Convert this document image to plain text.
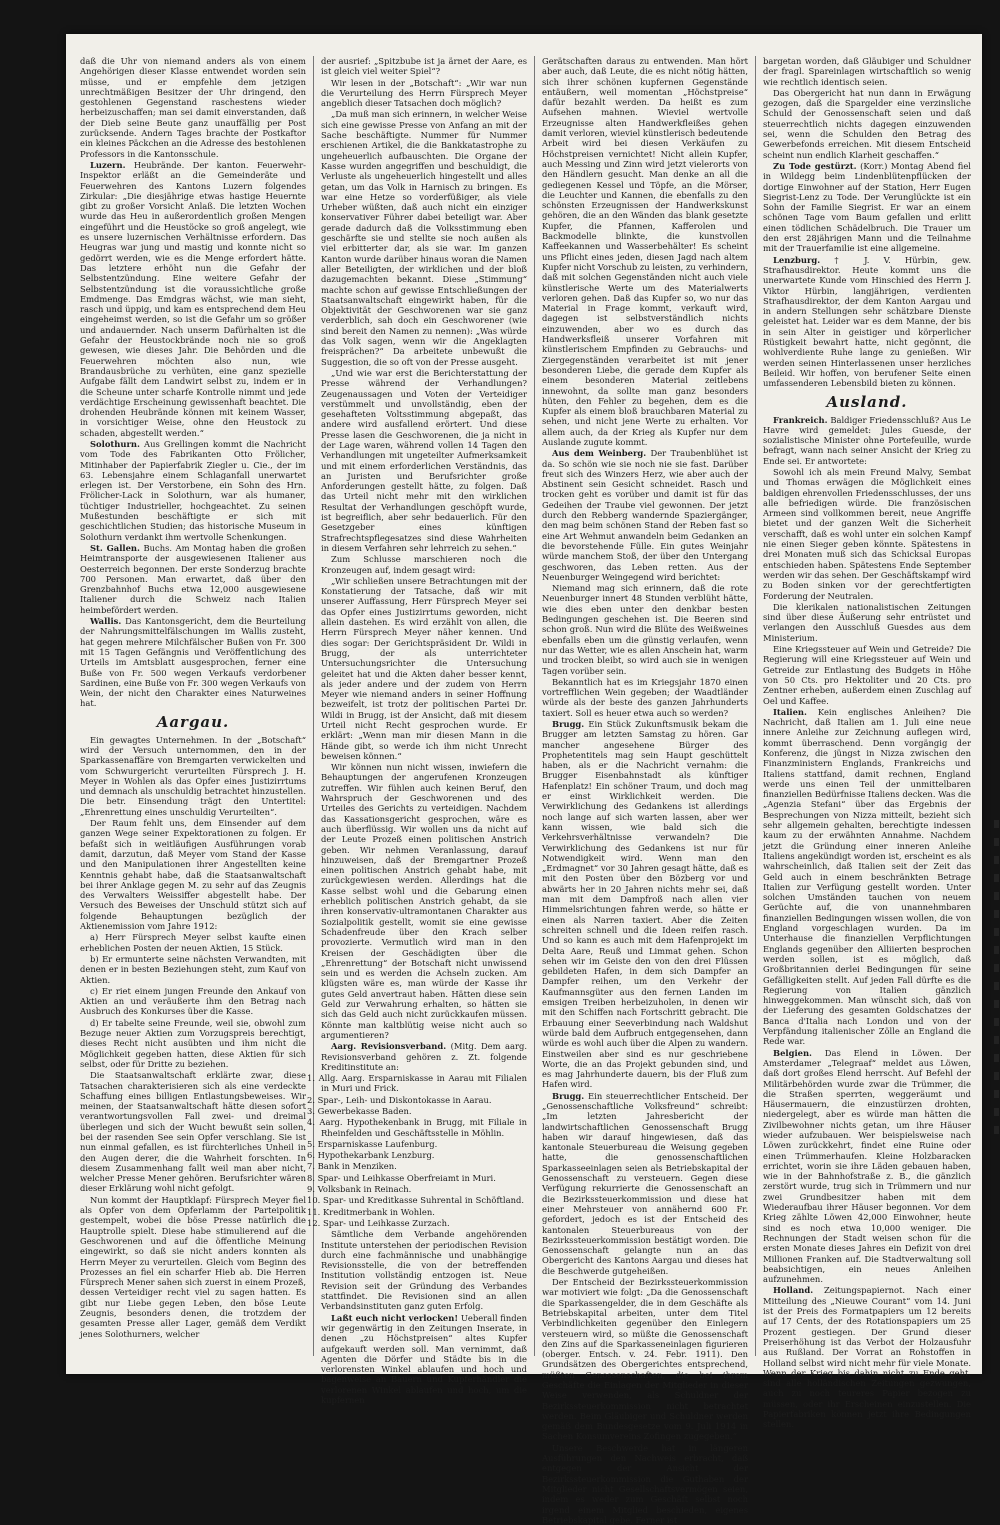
daß die Uhr von niemand anders als von einem Angehörigen dieser Klasse entwendet worden sein müsse, und er empfehle dem jetzigen unrechtmäßigen Besitzer der Uhr dringend, den gestohlenen Gegenstand raschestens wieder herbeizuschaffen; man sei damit einverstanden, daß der Dieb seine Beute ganz unauffällig per Post zurücksende. Andern Tages brachte der Postkaftor ein kleines Päckchen an die Adresse des bestohlenen Professors in die Kantonsschule.

Luzern. Heubrände. Der kanton. Feuerwehr-Inspektor erläßt an die Gemeinderäte und Feuerwehren des Kantons Luzern folgendes Zirkular: „Die diesjährige etwas hastige Heuernte gibt zu großer Vorsicht Anlaß. Die letzten Wochen wurde das Heu in außerordentlich großen Mengen eingeführt und die Heustöcke so groß angelegt, wie es unsere luzernischen Verhältnisse erfordern. Das Heugras war jung und mastig und konnte nicht so gedörrt werden, wie es die Menge erfordert hätte. Das letztere erhöht nun die Gefahr der Selbstentzündung. Eine weitere Gefahr der Selbstentzündung ist die voraussichtliche große Emdmenge. Das Emdgras wächst, wie man sieht, rasch und üppig, und kam es entsprechend dem Heu eingeheimst werden, so ist die Gefahr um so größer und andauernder. Nach unserm Dafürhalten ist die Gefahr der Heustockbrände noch nie so groß gewesen, wie dieses Jahr. Die Behörden und die Feuerwehren möchten also nun, wie Brandausbrüche zu verhüten, eine ganz spezielle Aufgabe fällt dem Landwirt selbst zu, indem er in die Scheune unter scharfe Kontrolle nimmt und jede verdächtige Erscheinung gewissenhaft beachtet. Die drohenden Heubrände können mit keinem Wasser, in vorsichtiger Weise, ohne den Heustock zu schaden, abgestellt werden.“

Solothurn. Aus Grellingen kommt die Nachricht vom Tode des Fabrikanten Otto Frölicher, Mitinhaber der Papierfabrik Ziegler u. Cie., der im 63. Lebensjahre einem Schlaganfall unerwartet erlegen ist. Der Verstorbene, ein Sohn des Hrn. Frölicher-Lack in Solothurn, war als humaner, tüchtiger Industrieller, hochgeachtet. Zu seinen Mußestunden beschäftigte er sich mit geschichtlichen Studien; das historische Museum in Solothurn verdankt ihm wertvolle Schenkungen.

St. Gallen. Buchs. Am Montag haben die großen Heimtransporte der ausgewiesenen Italiener aus Oesterreich begonnen. Der erste Sonderzug brachte 700 Personen. Man erwartet, daß über den Grenzbahnhof Buchs etwa 12,000 ausgewiesene Italiener durch die Schweiz nach Italien heimbefördert werden.

Wallis. Das Kantonsgericht, dem die Beurteilung der Nahrungsmittelfälschungen im Wallis zusteht, hat gegen mehrere Milchfälscher Bußen von Fr. 300 mit 15 Tagen Gefängnis und Veröffentlichung des Urteils im Amtsblatt ausgesprochen, ferner eine Buße von Fr. 500 wegen Verkaufs verdorbener Sardinen, eine Buße von Fr. 300 wegen Verkaufs von Wein, der nicht den Charakter eines Naturweines hat.

Aargau.

Ein gewagtes Unternehmen. In der „Botschaft“ wird der Versuch unternommen, den in der Sparkassenaffäre von Bremgarten verwickelten und vom Schwurgericht verurteilten Fürsprech J. H. Meyer in Wohlen als das Opfer eines Justizirrtums und demnach als unschuldig betrachtet hinzustellen. Die betr. Einsendung trägt den Untertitel: „Ehrenrettung eines unschuldig Verurteilten“.

Der Raum fehlt uns, dem Einsender auf dem ganzen Wege seiner Expektorationen zu folgen. Er befaßt sich in weitläufigen Ausführungen vorab damit, darzutun, daß Meyer vom Stand der Kasse und den Manipulationen ihrer Angestellten keine Kenntnis gehabt habe, daß die Staatsanwaltschaft bei ihrer Anklage gegen M. zu sehr auf das Zeugnis des Verwalters Weissiffer abgestellt habe. Der Versuch des Beweises der Unschuld stützt sich auf folgende Behauptungen bezüglich der Aktienemission vom Jahre 1912:

a) Herr Fürsprech Meyer selbst kaufte einen erheblichen Posten der neuen Aktien, 15 Stück.

b) Er ermunterte seine nächsten Verwandten, mit denen er in besten Beziehungen steht, zum Kauf von Aktien.

c) Er riet einem jungen Freunde den Ankauf von Aktien an und veräußerte ihm den Betrag nach Ausbruch des Konkurses über die Kasse.

d) Er tabelte seine Freunde, weil sie, obwohl zum Bezuge neuer Aktien zum Vorzugspreis berechtigt, dieses Recht nicht ausübten und ihm nicht die Möglichkeit gegeben hatten, diese Aktien für sich selbst, oder für Dritte zu beziehen.

Die Staatsanwaltschaft erklärte zwar, diese Tatsachen charakterisieren sich als eine verdeckte Schaffung eines billigen Entlastungsbeweises. Wir meinen, der Staatsanwaltschaft hätte diesen sofort verantwortungsvollen Fall zwei- und dreimal überlegen und sich der Wucht bewußt sein sollen, bei der rasenden See sein Opfer verschlang. Sie ist nun einmal gefallen, es ist fürchterliches Unheil in den Augen derer, die die Wahrheit forschten. In diesem Zusammenhang fallt weil man aber nicht, welcher Presse Mener gehören. Berufsrichter wären dieser Erklärung wohl nicht gefolgt.

Nun kommt der Hauptklapf: Fürsprech Meyer fiel als Opfer von dem Opferlamm der Parteipolitik gestempelt, wobei die böse Presse natürlich die Hauptrolle spielt. Diese habe stimulierend auf die Geschworenen und auf die öffentliche Meinung eingewirkt, so daß sie nicht anders konnten als Herrn Meyer zu verurteilen. Gleich vom Beginn des Prozesses an fiel ein scharfer Hieb ab. Die Herren Fürsprech Mener sahen sich zuerst in einem Prozeß, dessen Verteidiger recht viel zu sagen hatten. Es gibt nur Liebe gegen Leben, den böse Leute Zeugnis, besonders denen, die trotzdem der gesamten Presse aller Lager, gemäß dem Verdikt jenes Solothurners, welcher

der ausrief: „Spitzbube ist ja ärnet der Aare, es ist gleich viel weiter Spiel“?

Wir lesen in der „Botschaft“: „Wir war nun die Verurteilung des Herrn Fürsprech Meyer angeblich dieser Tatsachen doch möglich?

„Da muß man sich erinnern, in welcher Weise sich eine gewisse Presse von Anfang an mit der Sache beschäftigte. Nummer für Nummer erschienen Artikel, die die Bankkatastrophe zu ungeheuerlich aufbauschten. Die Organe der Kasse wurden angegriffen und beschuldigt, die Verluste als ungeheuerlich hingestellt und alles getan, um das Volk in Harnisch zu bringen. Es war eine Hetze so vorderfüßiger, als viele Urheber wüßten, daß auch nicht ein einziger konservativer Führer dabei beteiligt war. Aber gerade dadurch daß die Volksstimmung eben geschärfte sie und stellte sie noch außen als viel erbitterter dar, als sie war. Im ganzen Kanton wurde darüber hinaus woran die Namen aller Beteiligten, der wirklichen und der bloß dazugemachten bekannt. Diese „Stimmung“ machte schon auf gewisse Entschließungen der Staatsanwaltschaft eingewirkt haben, für die Objektivität der Geschworenen war sie ganz verderblich, sah doch ein Geschworener (wie sind bereit den Namen zu nennen): „Was würde das Volk sagen, wenn wir die Angeklagten freisprächen?“ Da arbeitete unbewußt die Suggestion, die so oft von der Presse ausgeht.

„Und wie war erst die Berichterstattung der Presse während der Verhandlungen? Zeugenaussagen und Voten der Verteidiger verstümmelt und unvollständig, eben der gesehafteten Voltsstimmung abgepaßt, das andere wird ausfallend erörtert. Und diese Presse lasen die Geschworenen, die ja nicht in der Lage waren, während vollen 14 Tagen den Verhandlungen mit ungeteilter Aufmerksamkeit und mit einem erforderlichen Verständnis, das an Juristen und Berufsrichter große Anforderungen gestellt hätte, zu folgen. Daß das Urteil nicht mehr mit den wirklichen Resultat der Verhandlungen geschöpft wurde, ist begreiflich, aber sehr bedauerlich. Für den Gesetzgeber eines künftigen Strafrechtspflegesatzes sind diese Wahrheiten in diesem Verfahren sehr lehrreich zu sehen.“

Zum Schlusse marschieren noch die Kronzeugen auf, indem gesagt wird:

„Wir schließen unsere Betrachtungen mit der Konstatierung der Tatsache, daß wir mit unserer Auffassung, Herr Fürsprech Meyer sei das Opfer eines Justizirrtums geworden, nicht allein dastehen. Es wird erzählt von allen, die Herrn Fürsprech Meyer näher kennen. Und dies sogar: Der Gerichtspräsident Dr. Wildi in Brugg, der als unterrichteter Untersuchungsrichter die Untersuchung geleitet hat und die Akten daher besser kennt, als jeder andere und der zudem von Herrn Meyer wie niemand anders in seiner Hoffnung bezweifelt, ist trotz der politischen Partei Dr. Wildi in Brugg, ist der Ansicht, daß mit diesem Urteil nicht Recht gesprochen wurde. Er erklärt: „Wenn man mir diesen Mann in die Hände gibt, so werde ich ihm nicht Unrecht beweisen können.“

Wir können nun nicht wissen, inwiefern die Behauptungen der angerufenen Kronzeugen zutreffen. Wir fühlen auch keinen Beruf, den Wahrspruch der Geschworenen und des Urteiles des Gerichts zu verteidigen. Nachdem das Kassationsgericht gesprochen, wäre es auch überflüssig. Wir wollen uns da nicht auf der Leute Prozeß einen politischen Anstrich geben. Wir nehmen Veranlassung, darauf hinzuweisen, daß der Bremgartner Prozeß einen politischen Anstrich gehabt habe, mit zurückgewiesen werden. Allerdings hat die Kasse selbst wohl und die Gebarung einen erheblich politischen Anstrich gehabt, da sie ihren konservativ-ultramontanen Charakter aus Sozialpolitik gestellt, womit sie eine gewisse Schadenfreude über den Krach selber provozierte. Vermutlich wird man in den Kreisen der Geschädigten über die „Ehrenrettung“ der Botschaft nicht unwissend sein und es werden die Achseln zucken. Am klügsten wäre es, man würde der Kasse ihr gutes Geld anvertraut haben. Hätten diese sein Geld zur Verwahrung erhalten, so hätten sie sich das Geld auch nicht zurückkaufen müssen. Könnte man kaltblütig weise nicht auch so argumentieren?

Aarg. Revisionsverband. (Mitg. Dem aarg. Revisionsverband gehören z. Zt. folgende Kreditinstitute an:

1. Allg. Aarg. Ersparniskasse in Aarau mit Filialen in Muri und Frick.

2. Spar-, Leih- und Diskontokasse in Aarau.

3. Gewerbekasse Baden.

4. Aarg. Hypothekenbank in Brugg, mit Filiale in Rheinfelden und Geschäftsstelle in Möhlin.

5. Ersparniskasse Laufenburg.

6. Hypothekarbank Lenzburg.

7. Bank in Menziken.

8. Spar- und Leihkasse Oberfreiamt in Muri.

9. Volksbank in Reinach.

10. Spar- und Kreditkasse Suhrental in Schöftland.

11. Kreditmerbank in Wohlen.

12. Spar- und Leihkasse Zurzach.

Sämtliche dem Verbande angehörenden Institute unterstehen der periodischen Revision durch eine fachmännische und unabhängige Revisionsstelle, die von der betreffenden Institution vollständig entzogen ist. Neue Revision seit der Gründung des Verbandes stattfindet. Die Revisionen sind an allen Verbandsinstituten ganz guten Erfolg.

Laßt euch nicht verlocken! Ueberall finden wir gegenwärtig in den Zeitungen Inserate, in denen „zu Höchstpreisen“ altes Kupfer aufgekauft werden soll. Man vernimmt, daß Agenten die Dörfer und Städte bis in die verlorensten Winkel ablaufen und hoch und bagenweise an Bauern und Kupferhändler die verlorenen Winkel ablaufen und hoch, um die kupfernen

Gerätschaften daraus zu entwenden. Man hört aber auch, daß Leute, die es nicht nötig hätten, sich ihrer schönen kupfernen Gegenstände entäußern, weil momentan „Höchstpreise“ dafür bezahlt werden. Da heißt es zum Aufsehen mahnen. Wieviel wertvolle Erzeugnisse alten Handwerkfleißes gehen damit verloren, wieviel künstlerisch bedeutende Arbeit wird bei diesen Verkäufen zu Höchstpreisen vernichtet! Nicht allein Kupfer, auch Messing und Zinn wird jetzt vielerorts von den Händlern gesucht. Man denke an all die gediegenen Kessel und Töpfe, an die Mörser, die Leuchter und Kannen, die ebenfalls zu den schönsten Erzeugnissen der Handwerkskunst gehören, die an den Wänden das blank gesetzte Kupfer, die Pfannen, Kafferolen und Backmodelle blinkte, die kunstvollen Kaffeekannen und Wasserbehälter! Es scheint uns Pflicht eines jeden, diesen Jagd nach altem Kupfer nicht Vorschub zu leisten, zu verhindern, daß mit solchen Gegenständen nicht auch viele künstlerische Werte um des Materialwerts verloren gehen. Daß das Kupfer so, wo nur das Material in Frage kommt, verkauft wird, dagegen ist selbstverständlich nichts einzuwenden, aber wo es durch das Handwerksfleiß unserer Vorfahren mit künstlerischem Empfinden zu Gebrauchs- und Ziergegenständen verarbeitet ist mit jener besonderen Liebe, die gerade dem Kupfer als einem besonderen Material zeitlebens innewohnt, da sollte man ganz besonders hüten, den Fehler zu begehen, dem es die Kupfer als einem bloß brauchbaren Material zu sehen, und nicht jene Werte zu erhalten. Vor allem auch, da der Krieg als Kupfer nur dem Auslande zugute kommt.

Aus dem Weinberg. Der Traubenblühet ist da. So schön wie sie noch nie sie fast. Darüber freut sich des Winzers Herz, wie aber auch der Abstinent sein Gesicht schneidet. Rasch und trocken geht es vorüber und damit ist für das Gedeihen der Traube viel gewonnen. Der jetzt durch den Rebberg wandernde Spaziergänger, den mag beim schönen Stand der Reben fast so eine Art Wehmut anwandeln beim Gedanken an die bevorstehende Fülle. Ein gutes Weinjahr würde manchem Stoß, der über den Untergang geschworen, das Leben retten. Aus der Neuenburger Weingegend wird berichtet:

Niemand mag sich erinnern, daß die rote Neuenburger innert 48 Stunden verblüht hätte, wie dies eben unter den denkbar besten Bedingungen geschehen ist. Die Beeren sind schon groß. Nun wird die Blüte des Weißweines ebenfalls eben um die günstig verlaufen, wenn nur das Wetter, wie es allen Anschein hat, warm und trocken bleibt, so wird auch sie in wenigen Tagen vorüber sein.

Bekanntlich hat es im Kriegsjahr 1870 einen vortrefflichen Wein gegeben; der Waadtländer würde als der beste des ganzen Jahrhunderts taxiert. Soll es heuer etwa auch so werden?

Brugg. Ein Stück Zukunftsmusik bekam die Brugger am letzten Samstag zu hören. Gar mancher angesehene Bürger des Prophetentitels mag sein Haupt geschüttelt haben, als er die Nachricht vernahm: die Brugger Eisenbahnstadt als künftiger Hafenplatz! Ein schöner Traum, und doch mag er einst Wirklichkeit werden. Die Verwirklichung des Gedankens ist allerdings noch lange auf sich warten lassen, aber wer kann wissen, wie bald sich die Verkehrsverhältnisse verwandeln? Die Verwirklichung des Gedankens ist nur für Notwendigkeit wird. Wenn man den „Erdmagnet“ vor 30 Jahren gesagt hätte, daß es mit den Posten über den Bözberg vor und abwärts her in 20 Jahren nichts mehr sei, daß man mit dem Dampfroß nach allen vier Himmelsrichtungen fahren werde, so hätte er einen als Narren taxiert. Aber die Zeiten schreiten schnell und die Ideen reifen rasch. Und so kann es auch mit dem Hafenprojekt im Delta Aare, Reuß und Limmat gehen. Schon sehen wir im Geiste den von den drei Flüssen gebildeten Hafen, in dem sich Dampfer an Dampfer reihen, um den Verkehr der Kaufmannsgüter aus den fernen Landen im emsigen Treiben herbeizuholen, in denen wir mit den Schiffen nach Fortschritt gebracht. Die Erbauung einer Seeverbindung nach Waldshut würde bald dem Aufbruch entgegensehen, dann würde es wohl auch über die Alpen zu wandern. Einstweilen aber sind es nur geschriebene Worte, die an das Projekt gebunden sind, und es mag Jahrhunderte dauern, bis der Fluß zum Hafen wird.

Brugg. Ein steuerrechtlicher Entscheid. Der „Genossenschaftliche Volksfreund“ schreibt: „Im letzten Jahresbericht der landwirtschaftlichen Genossenschaft Brugg haben wir darauf hingewiesen, daß das kantonale Steuerbureau die Weisung gegeben hatte, die genossenschaftlichen Sparkasseeinlagen seien als Betriebskapital der Genossenschaft zu versteuern. Gegen diese Verfügung rekurrierte die Genossenschaft an die Bezirkssteuerkommission und diese hat einer Mehrsteuer von annähernd 600 Fr. gefordert, jedoch es ist der Entscheid des kantonalen Steuerbureaus von der Bezirkssteuerkommission bestätigt worden. Die Genossenschaft gelangte nun an das Obergericht des Kantons Aargau und dieses hat die Beschwerde gutgeheißen.

Der Entscheid der Bezirkssteuerkommission war motiviert wie folgt: „Da die Genossenschaft die Sparkassengelder, die in dem Geschäfte als Betriebskapital arbeiten, unter dem Titel Verbindlichkeiten gegenüber den Einlegern versteuern wird, so müßte die Genossenschaft den Zins auf die Sparkasseneinlagen figurieren (oberger. Entsch. v. 24. Febr. 1911). Den Grundsätzen des Obergerichtes entsprechend, müßten Genossenschaften, die bei ihrem Geschäfte die Einlagen der Mitglieder in dieser Weise verwenden, als Schuldner der Bezirkssteuerkommission nicht betrachtet werden. Beim Gläubiger und Schuldner werden gemäß dem Bundesgesetze vom 9. Juli 1914 in Sachen Konsumvereins Zofingen zugegeben.“

Unsere Beschwerde hat in längeren Ausführungen den Nachweis erbracht, daß entgegen der Ansicht der Bezirkssteuerkommission die Guthaben der Mitglieder nicht Gesellschaftsvermögen seien, indem es weder zum Geschäft selbst noch irgend einem Mitglied beschieden, eigenes Betriebskapital gebe. Ferner ist

bargetan worden, daß Gläubiger und Schuldner der fragl. Spareinlagen wirtschaftlich so wenig wie rechtlich identisch seien.

Das Obergericht hat nun dann in Erwägung gezogen, daß die Spargelder eine verzinsliche Schuld der Genossenschaft seien und daß steuerrechtlich nichts dagegen einzuwenden sei, wenn die Schulden den Betrag des Gewerbefonds erreichen. Mit diesem Entscheid scheint nun endlich Klarheit geschaffen.“

Zu Tode gestürzt. (Korr.) Montag Abend fiel in Wildegg beim Lindenblütenpflücken der dortige Einwohner auf der Station, Herr Eugen Siegrist-Lenz zu Tode. Der Verunglückte ist ein Sohn der Familie Siegrist. Er war an einem schönen Tage vom Baum gefallen und erlitt einen tödlichen Schädelbruch. Die Trauer um den erst 28jährigen Mann und die Teilnahme mit der Trauerfamilie ist eine allgemeine.

Lenzburg. † J. V. Hürbin, gew. Strafhausdirektor. Heute kommt uns die unerwartete Kunde vom Hinschied des Herrn J. Viktor Hürbin, langjährigen, verdienten Strafhausdirektor, der dem Kanton Aargau und in andern Stellungen sehr schätzbare Dienste geleistet hat. Leider war es dem Manne, der bis in sein Alter in geistiger und körperlicher Rüstigkeit bewahrt hatte, nicht gegönnt, die wohlverdiente Ruhe lange zu genießen. Wir werden seinen Hinterlassenen unser herzliches Beileid. Wir hoffen, von berufener Seite einen umfassenderen Lebensbild bieten zu können.

Ausland.

Frankreich. Baldiger Friedensschluß? Aus Le Havre wird gemeldet: Jules Guesde, der sozialistische Minister ohne Portefeuille, wurde befragt, wann nach seiner Ansicht der Krieg zu Ende sei. Er antwortete:

Sowohl ich als mein Freund Malvy, Sembat und Thomas erwägen die Möglichkeit eines baldigen ehrenvollen Friedensschlusses, der uns alle befriedigen würde. Die französischen Armeen sind vollkommen bereit, neue Angriffe bietet und der ganzen Welt die Sicherheit verschafft, daß es wohl unter ein solchen Kampf nie einen Sieger geben könnte. Spätestens in drei Monaten muß sich das Schicksal Europas entschieden haben. Spätestens Ende September werden wir das sehen. Der Geschäftskampf wird zu Boden sinken vor der gerechtfertigten Forderung der Neutralen.

Die klerikalen nationalistischen Zeitungen sind über diese Äußerung sehr entrüstet und verlangen den Ausschluß Guesdes aus dem Ministerium.

Eine Kriegssteuer auf Wein und Getreide? Die Regierung will eine Kriegssteuer auf Wein und Getreide zur Entlastung des Budgets in Höhe von 50 Cts. pro Hektoliter und 20 Cts. pro Zentner erheben, außerdem einen Zuschlag auf Oel und Kaffee.

Italien. Kein englisches Anleihen? Die Nachricht, daß Italien am 1. Juli eine neue innere Anleihe zur Zeichnung auflegen wird, kommt überraschend. Denn vorgängig der Konferenz, die jüngst in Nizza zwischen den Finanzministern Englands, Frankreichs und Italiens stattfand, damit rechnen, England werde uns einen Teil der unmittelbaren finanziellen Bedürfnisse Italiens decken. Was die „Agenzia Stefani“ über das Ergebnis der Besprechungen von Nizza mitteilt, bezieht sich sehr allgemein gehalten, berechtigte indessen kaum zu der erwähnten Annahme. Nachdem jetzt die Gründung einer inneren Anleihe Italiens angekündigt worden ist, erscheint es als wahrscheinlich, daß Italien seit der Zeit das Geld auch in einem beschränkten Betrage Italien zur Verfügung gestellt worden. Unter solchen Umständen tauchen von neuem Gerüchte auf, die von unannehmbaren finanziellen Bedingungen wissen wollen, die von England vorgeschlagen wurden. Da im Unterhause die finanziellen Verpflichtungen Englands gegenüber den Alliierten besprochen werden sollen, ist es möglich, daß Großbritannien derlei Bedingungen für seine Gefälligkeiten stellt. Auf jeden Fall dürfte es die Regierung von Italien gänzlich hinweggekommen. Man wünscht sich, daß von der Lieferung des gesamten Goldschatzes der Banca d'Italia nach London und von der Verpfändung italienischer Zölle an England die Rede war.

Belgien. Das Elend in Löwen. Der Amsterdamer „Telegraaf“ meldet aus Löwen, daß dort großes Elend herrscht. Auf Befehl der Militärbehörden wurde zwar die Trümmer, die die Straßen sperrten, weggeräumt und Häusermauern, die einzustürzen drohten, niedergelegt, aber es würde man hätten die Zivilbewohner nichts getan, um ihre Häuser wieder aufzubauen. Wer beispielsweise nach Löwen zurückkehrt, findet eine Ruine oder einen Trümmerhaufen. Kleine Holzbaracken errichtet, worin sie ihre Läden gebauen haben, wie in der Bahnhofstraße z. B., die gänzlich zerstört wurde, trug sich in Trümmern und nur zwei Grundbesitzer haben mit dem Wiederaufbau ihrer Häuser begonnen. Vor dem Krieg zählte Löwen 42,000 Einwohner, heute sind es noch etwa 10,000 weniger. Die Rechnungen der Stadt weisen schon für die ersten Monate dieses Jahres ein Defizit von drei Millionen Franken auf. Die Stadtverwaltung soll beabsichtigen, ein neues Anleihen aufzunehmen.

Holland. Zeitungspapiernot. Nach einer Mitteilung des „Nieuwe Courant“ vom 14. Juni ist der Preis des Formatpapiers um 12 bereits auf 17 Cents, der des Rotationspapiers um 25 Prozent gestiegen. Der Grund dieser Preiserhöhung ist das Verbot der Holzausfuhr aus Rußland. Der Vorrat an Rohstoffen in Holland selbst wird nicht mehr für viele Monate. Wenn der Krieg bis dahin nicht zu Ende geht, sind alle holländischen Zeitungen gezwungen, auch zu noch teureres Papier bezogen zu müssen, oder ihr Erscheinen einzustellen. Die Papierfabriken können jetzt ihre Bedingungen stellen.
